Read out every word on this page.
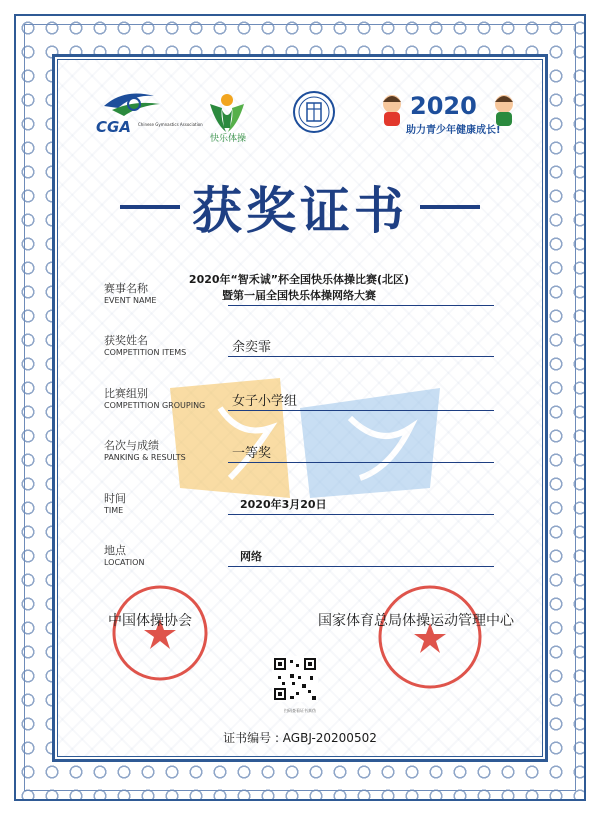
CGA Chinese Gymnastics Association
快乐体操
2020
助力青少年健康成长!
获奖证书
赛事名称
EVENT NAME
2020年“智禾诚”杯全国快乐体操比赛(北区)
暨第一届全国快乐体操网络大赛
获奖姓名
COMPETITION ITEMS	余奕霏
比赛组别
COMPETITION GROUPING	女子小学组
名次与成绩
PANKING & RESULTS	一等奖
时间
TIME	2020年3月20日
地点
LOCATION	网络
中国体操协会	国家体育总局体操运动管理中心
扫码查看证书真伪
证书编号 : AGBJ-20200502
